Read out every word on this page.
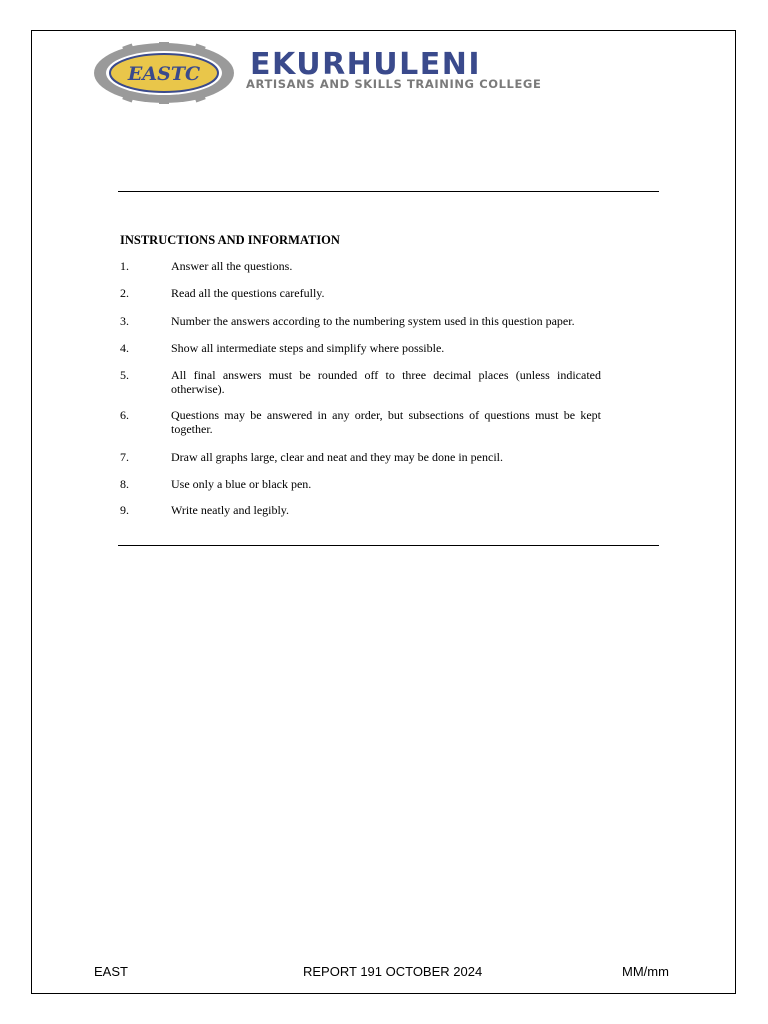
EASTC EKURHULENI
ARTISANS AND SKILLS TRAINING COLLEGE
INSTRUCTIONS AND INFORMATION
1.	Answer all the questions.
2.	Read all the questions carefully.
3.	Number the answers according to the numbering system used in this question paper.
4.	Show all intermediate steps and simplify where possible.
5.	All final answers must be rounded off to three decimal places (unless indicated otherwise).
6.	Questions may be answered in any order, but subsections of questions must be kept together.
7.	Draw all graphs large, clear and neat and they may be done in pencil.
8.	Use only a blue or black pen.
9.	Write neatly and legibly.
EAST	REPORT 191 OCTOBER 2024	MM/mm
